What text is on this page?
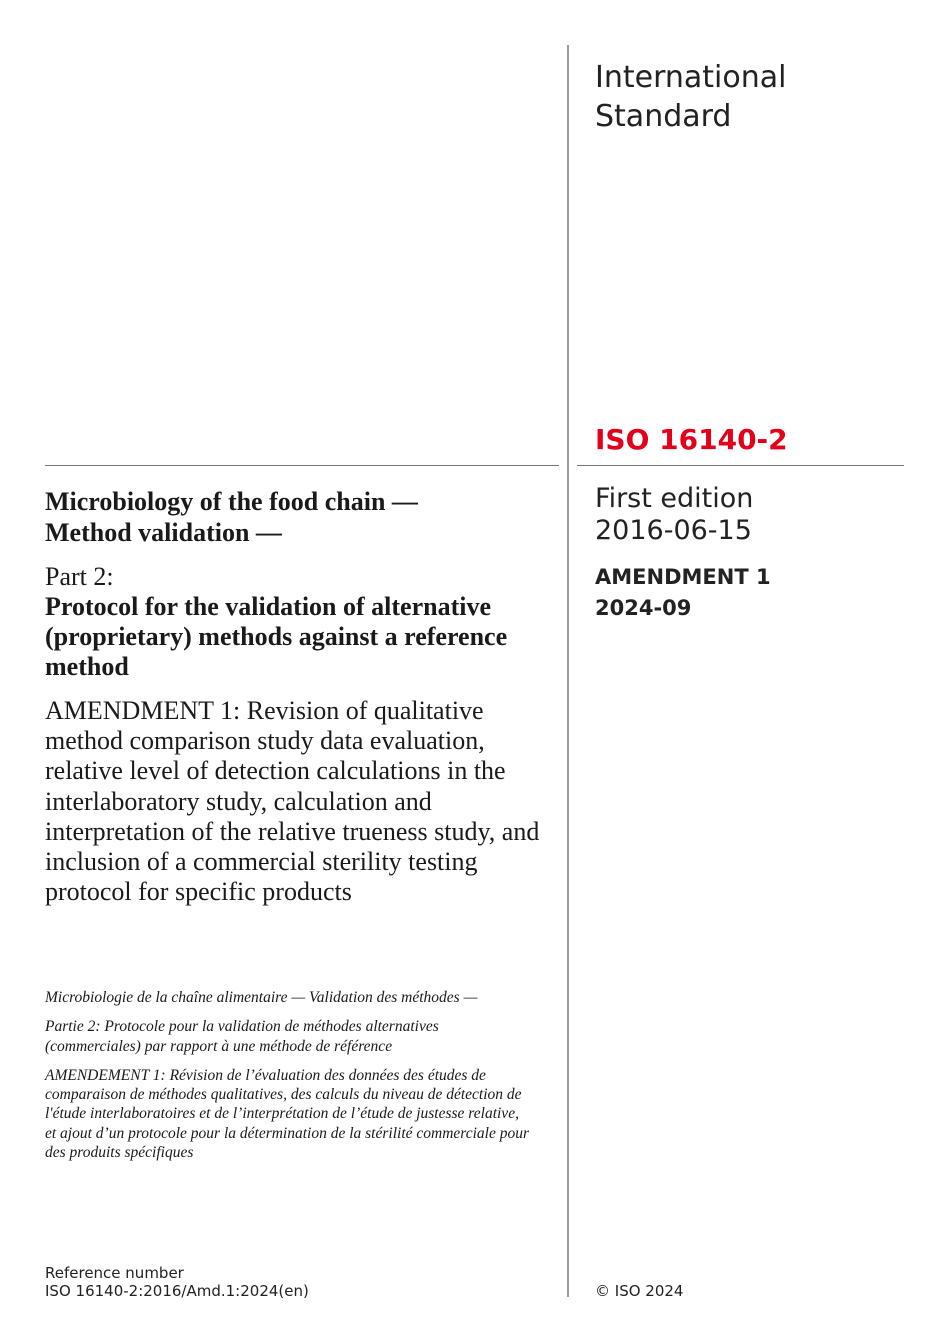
International
Standard
ISO 16140-2
First edition
2016-06-15
AMENDMENT 1
2024-09
Microbiology of the food chain —
Method validation —
Part 2:
Protocol for the validation of alternative (proprietary) methods against a reference method
AMENDMENT 1: Revision of qualitative method comparison study data evaluation, relative level of detection calculations in the interlaboratory study, calculation and interpretation of the relative trueness study, and inclusion of a commercial sterility testing protocol for specific products

Microbiologie de la chaîne alimentaire — Validation des méthodes —

Partie 2: Protocole pour la validation de méthodes alternatives (commerciales) par rapport à une méthode de référence

AMENDEMENT 1: Révision de l’évaluation des données des études de comparaison de méthodes qualitatives, des calculs du niveau de détection de l'étude interlaboratoires et de l’interprétation de l’étude de justesse relative, et ajout d’un protocole pour la détermination de la stérilité commerciale pour des produits spécifiques

Reference number
ISO 16140-2:2016/Amd.1:2024(en)	© ISO 2024
